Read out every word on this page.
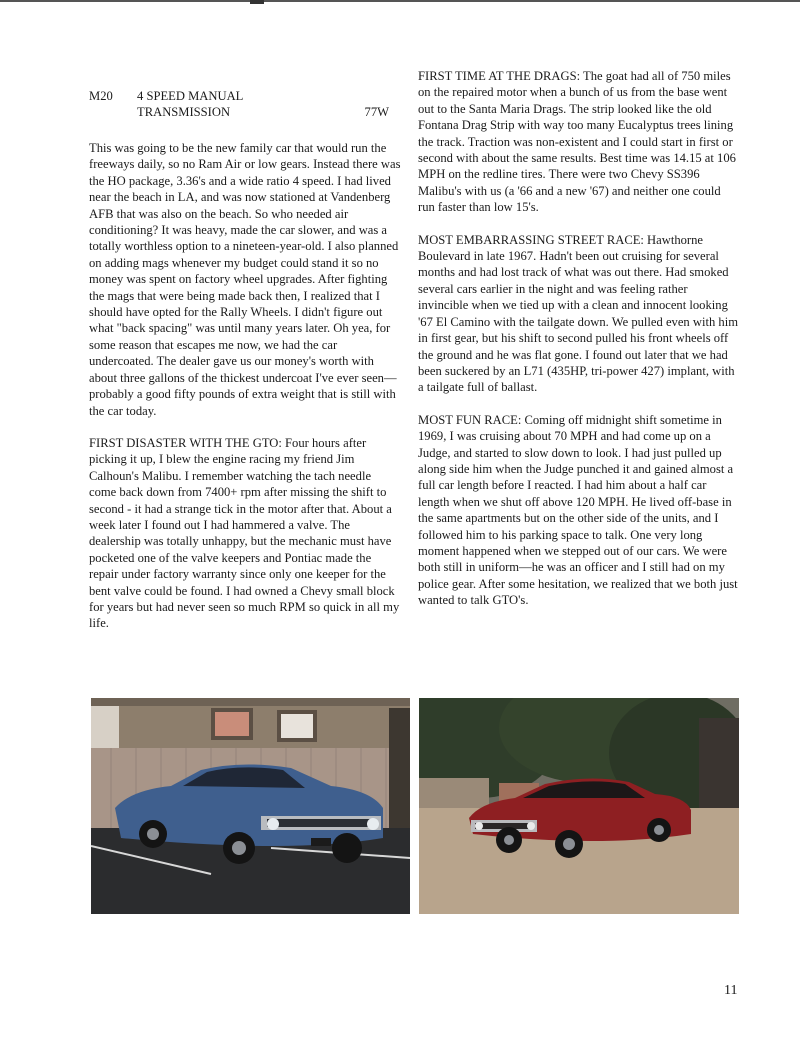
M20 4 SPEED MANUAL
TRANSMISSION	77W

This was going to be the new family car that would run the freeways daily, so no Ram Air or low gears. Instead there was the HO package, 3.36's and a wide ratio 4 speed. I had lived near the beach in LA, and was now stationed at Vandenberg AFB that was also on the beach. So who needed air conditioning? It was heavy, made the car slower, and was a totally worthless option to a nineteen-year-old. I also planned on adding mags whenever my budget could stand it so no money was spent on factory wheel upgrades. After fighting the mags that were being made back then, I realized that I should have opted for the Rally Wheels. I didn't figure out what "back spacing" was until many years later. Oh yea, for some reason that escapes me now, we had the car undercoated. The dealer gave us our money's worth with about three gallons of the thickest undercoat I've ever seen—probably a good fifty pounds of extra weight that is still with the car today.

FIRST DISASTER WITH THE GTO: Four hours after picking it up, I blew the engine racing my friend Jim Calhoun's Malibu. I remember watching the tach needle come back down from 7400+ rpm after missing the shift to second - it had a strange tick in the motor after that. About a week later I found out I had hammered a valve. The dealership was totally unhappy, but the mechanic must have pocketed one of the valve keepers and Pontiac made the repair under factory warranty since only one keeper for the bent valve could be found. I had owned a Chevy small block for years but had never seen so much RPM so quick in all my life.

FIRST TIME AT THE DRAGS: The goat had all of 750 miles on the repaired motor when a bunch of us from the base went out to the Santa Maria Drags. The strip looked like the old Fontana Drag Strip with way too many Eucalyptus trees lining the track. Traction was non-existent and I could start in first or second with about the same results. Best time was 14.15 at 106 MPH on the redline tires. There were two Chevy SS396 Malibu's with us (a '66 and a new '67) and neither one could run faster than low 15's.

MOST EMBARRASSING STREET RACE: Hawthorne Boulevard in late 1967. Hadn't been out cruising for several months and had lost track of what was out there. Had smoked several cars earlier in the night and was feeling rather invincible when we tied up with a clean and innocent looking '67 El Camino with the tailgate down. We pulled even with him in first gear, but his shift to second pulled his front wheels off the ground and he was flat gone. I found out later that we had been suckered by an L71 (435HP, tri-power 427) implant, with a tailgate full of ballast.

MOST FUN RACE: Coming off midnight shift sometime in 1969, I was cruising about 70 MPH and had come up on a Judge, and started to slow down to look. I had just pulled up along side him when the Judge punched it and gained almost a full car length before I reacted. I had him about a half car length when we shut off above 120 MPH. He lived off-base in the same apartments but on the other side of the units, and I followed him to his parking space to talk. One very long moment happened when we stepped out of our cars. We were both still in uniform—he was an officer and I still had on my police gear. After some hesitation, we realized that we both just wanted to talk GTO's.

11
